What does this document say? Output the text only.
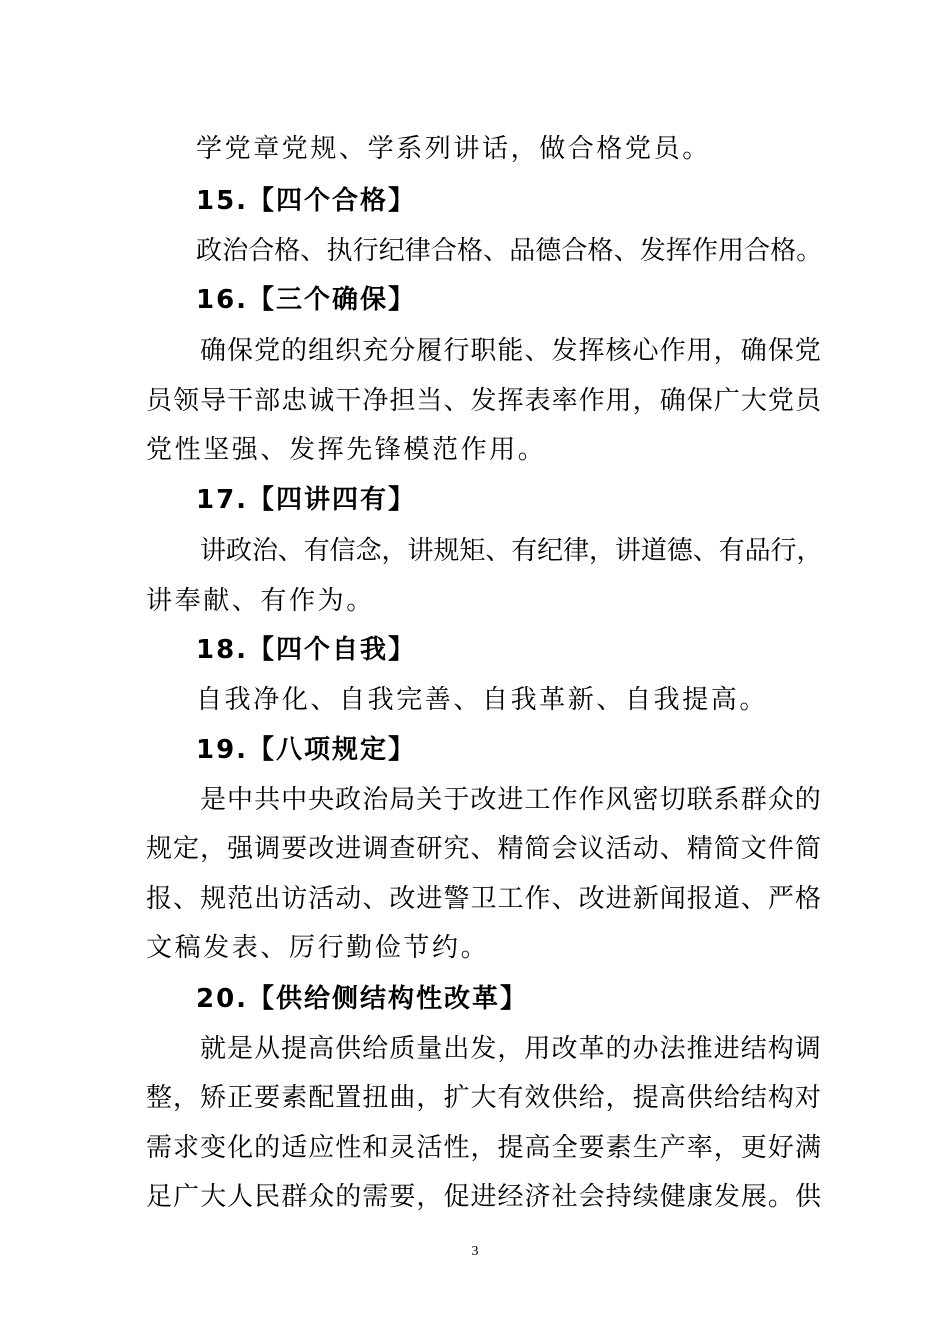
学党章党规、学系列讲话，做合格党员。
15.【四个合格】
政治合格、执行纪律合格、品德合格、发挥作用合格。
16.【三个确保】
确保党的组织充分履行职能、发挥核心作用，确保党
员领导干部忠诚干净担当、发挥表率作用，确保广大党员
党性坚强、发挥先锋模范作用。
17.【四讲四有】
讲政治、有信念，讲规矩、有纪律，讲道德、有品行，
讲奉献、有作为。
18.【四个自我】
自我净化、自我完善、自我革新、自我提高。
19.【八项规定】
是中共中央政治局关于改进工作作风密切联系群众的
规定，强调要改进调查研究、精简会议活动、精简文件简
报、规范出访活动、改进警卫工作、改进新闻报道、严格
文稿发表、厉行勤俭节约。
20.【供给侧结构性改革】
就是从提高供给质量出发，用改革的办法推进结构调
整，矫正要素配置扭曲，扩大有效供给，提高供给结构对
需求变化的适应性和灵活性，提高全要素生产率，更好满
足广大人民群众的需要，促进经济社会持续健康发展。供
3
